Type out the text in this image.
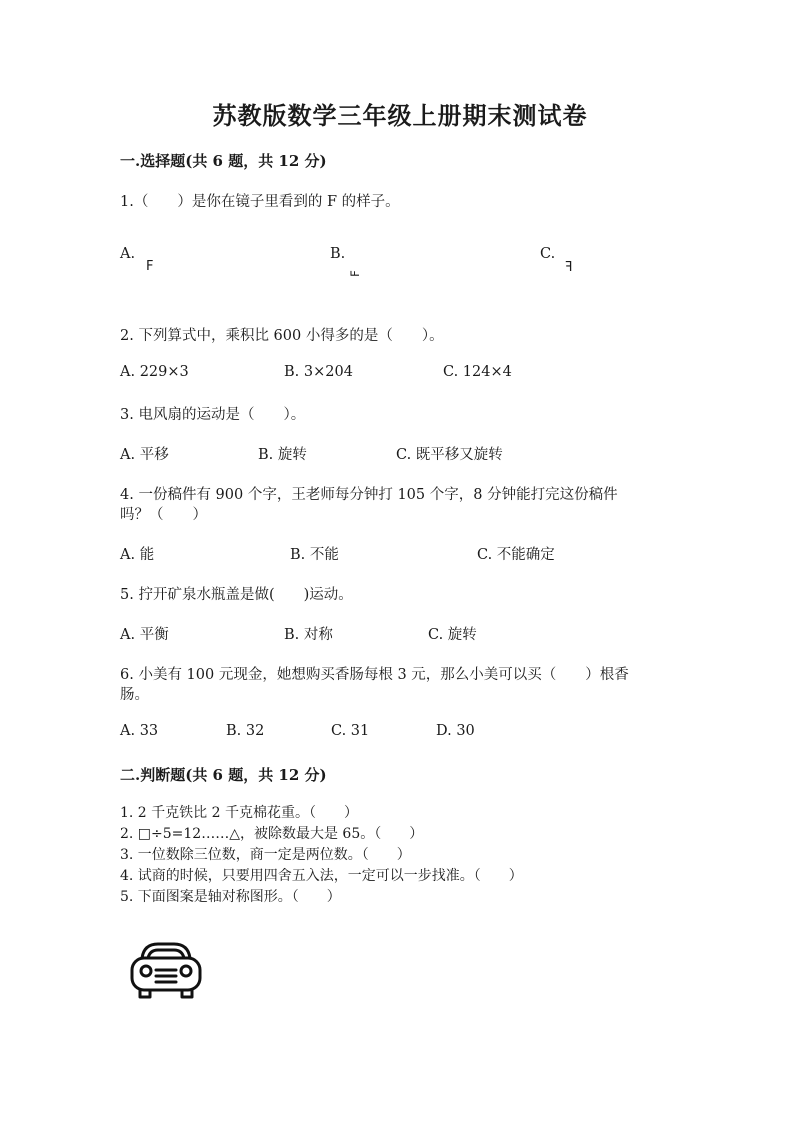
苏教版数学三年级上册期末测试卷
一.选择题(共 6 题，共 12 分)
1.（　　）是你在镜子里看到的 F 的样子。
A.
F
B.
F
C.
F
2. 下列算式中，乘积比 600 小得多的是（　　）。
A. 229×3	B. 3×204	C. 124×4
3. 电风扇的运动是（　　）。
A. 平移	B. 旋转	C. 既平移又旋转
4. 一份稿件有 900 个字，王老师每分钟打 105 个字，8 分钟能打完这份稿件
吗？（　　）
A. 能	B. 不能	C. 不能确定
5. 拧开矿泉水瓶盖是做(　　)运动。
A. 平衡	B. 对称	C. 旋转
6. 小美有 100 元现金，她想购买香肠每根 3 元，那么小美可以买（　　）根香
肠。
A. 33	B. 32	C. 31	D. 30
二.判断题(共 6 题，共 12 分)
1. 2 千克铁比 2 千克棉花重。（　　）
2. □÷5=12……△，被除数最大是 65。（　　）
3. 一位数除三位数，商一定是两位数。（　　）
4. 试商的时候，只要用四舍五入法，一定可以一步找准。（　　）
5. 下面图案是轴对称图形。（　　）
